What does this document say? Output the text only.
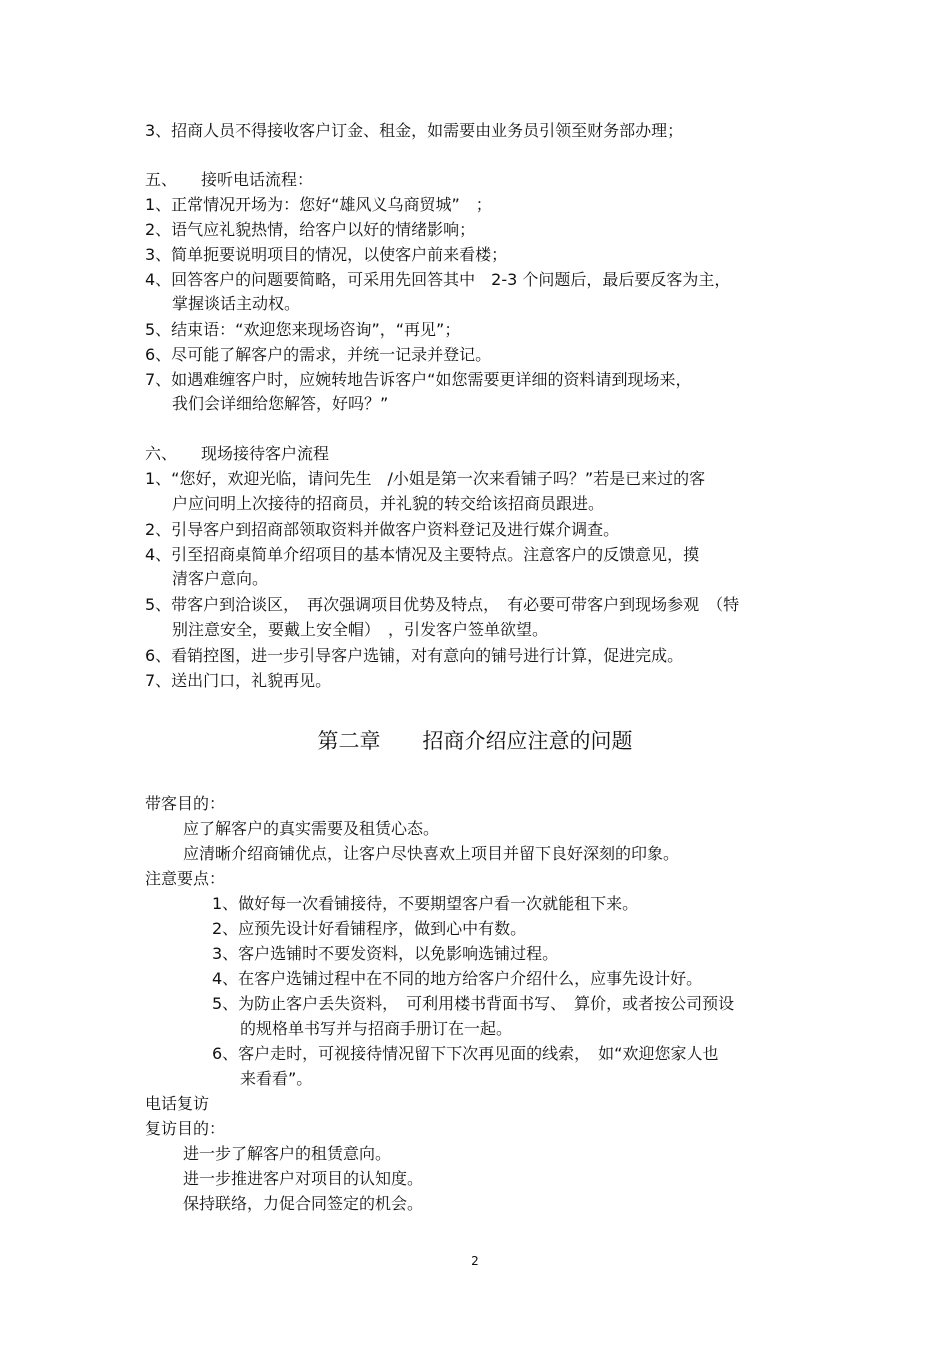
3、招商人员不得接收客户订金、租金，如需要由业务员引领至财务部办理；
五、　　接听电话流程：
1、正常情况开场为：您好“雄风义乌商贸城”　；
2、语气应礼貌热情，给客户以好的情绪影响；
3、简单扼要说明项目的情况，以使客户前来看楼；
4、回答客户的问题要简略，可采用先回答其中　2-3 个问题后，最后要反客为主，
掌握谈话主动权。
5、结束语：“欢迎您来现场咨询”，“再见”；
6、尽可能了解客户的需求，并统一记录并登记。
7、如遇难缠客户时，应婉转地告诉客户“如您需要更详细的资料请到现场来，
我们会详细给您解答，好吗？”
六、　　现场接待客户流程
1、“您好，欢迎光临，请问先生　/小姐是第一次来看铺子吗？”若是已来过的客
户应问明上次接待的招商员，并礼貌的转交给该招商员跟进。
2、引导客户到招商部领取资料并做客户资料登记及进行媒介调查。
4、引至招商桌简单介绍项目的基本情况及主要特点。注意客户的反馈意见，摸
清客户意向。
5、带客户到洽谈区，　再次强调项目优势及特点，　有必要可带客户到现场参观　（特
别注意安全，要戴上安全帽）　，引发客户签单欲望。
6、看销控图，进一步引导客户选铺，对有意向的铺号进行计算，促进完成。
7、送出门口，礼貌再见。
第二章　　招商介绍应注意的问题
带客目的：
应了解客户的真实需要及租赁心态。
应清晰介绍商铺优点，让客户尽快喜欢上项目并留下良好深刻的印象。
注意要点：
1、做好每一次看铺接待，不要期望客户看一次就能租下来。
2、应预先设计好看铺程序，做到心中有数。
3、客户选铺时不要发资料，以免影响选铺过程。
4、在客户选铺过程中在不同的地方给客户介绍什么，应事先设计好。
5、为防止客户丢失资料，　可利用楼书背面书写、　算价，或者按公司预设
的规格单书写并与招商手册订在一起。
6、客户走时，可视接待情况留下下次再见面的线索，　如“欢迎您家人也
来看看”。
电话复访
复访目的：
进一步了解客户的租赁意向。
进一步推进客户对项目的认知度。
保持联络，力促合同签定的机会。
2
